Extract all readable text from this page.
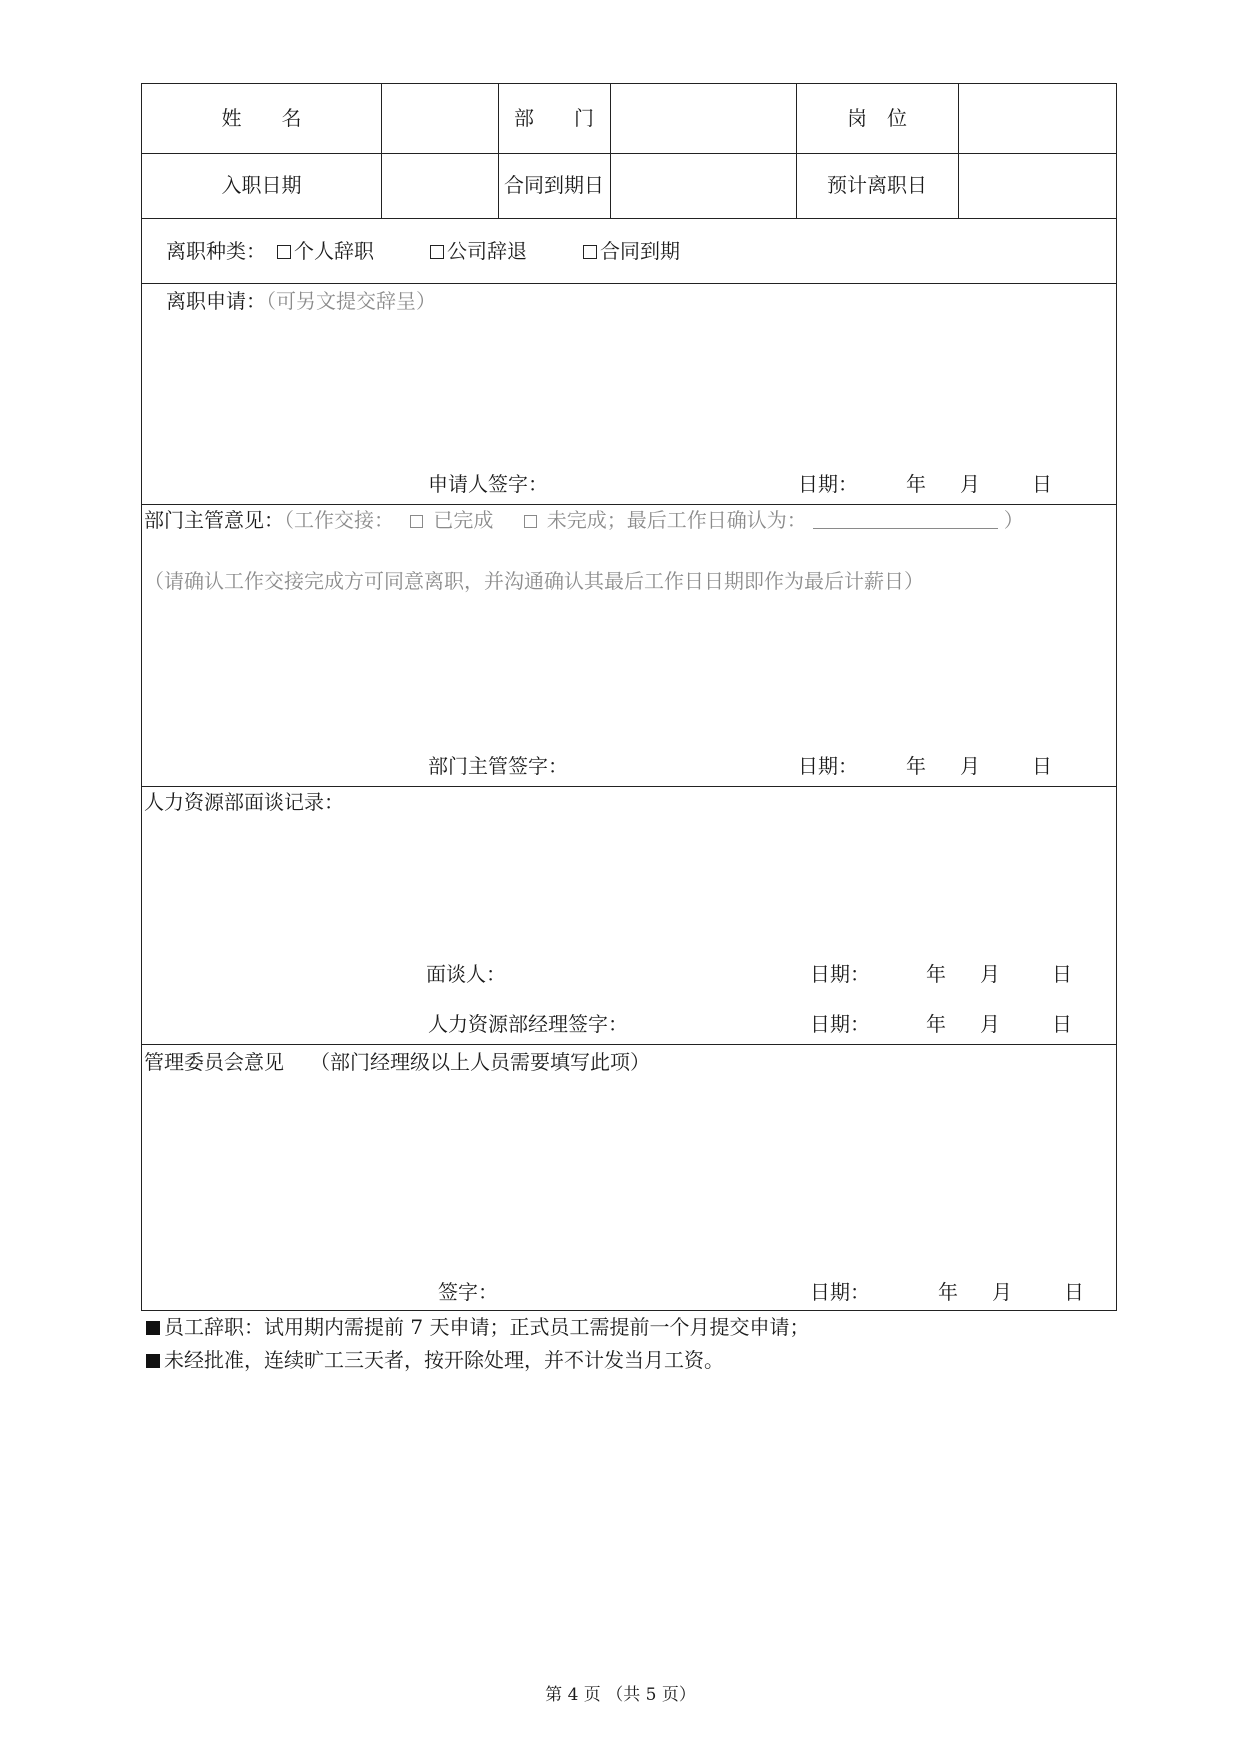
姓　　名	部　　门	岗　位
入职日期	合同到期日	预计离职日
离职种类：	个人辞职	公司辞退	合同到期
离职申请：（可另文提交辞呈）
申请人签字：	日期： 年 月	日
部门主管意见：（工作交接： 已完成	未完成；最后工作日确认为：	）
（请确认工作交接完成方可同意离职，并沟通确认其最后工作日日期即作为最后计薪日）
部门主管签字：	日期： 年 月	日
人力资源部面谈记录：
面谈人：	日期：	年 月	日
人力资源部经理签字：	日期：	年 月	日
管理委员会意见 （部门经理级以上人员需要填写此项）
签字：	日期：	年 月	日
员工辞职：试用期内需提前 7 天申请；正式员工需提前一个月提交申请；
未经批准，连续旷工三天者，按开除处理，并不计发当月工资。
第 4 页 （共 5 页）
